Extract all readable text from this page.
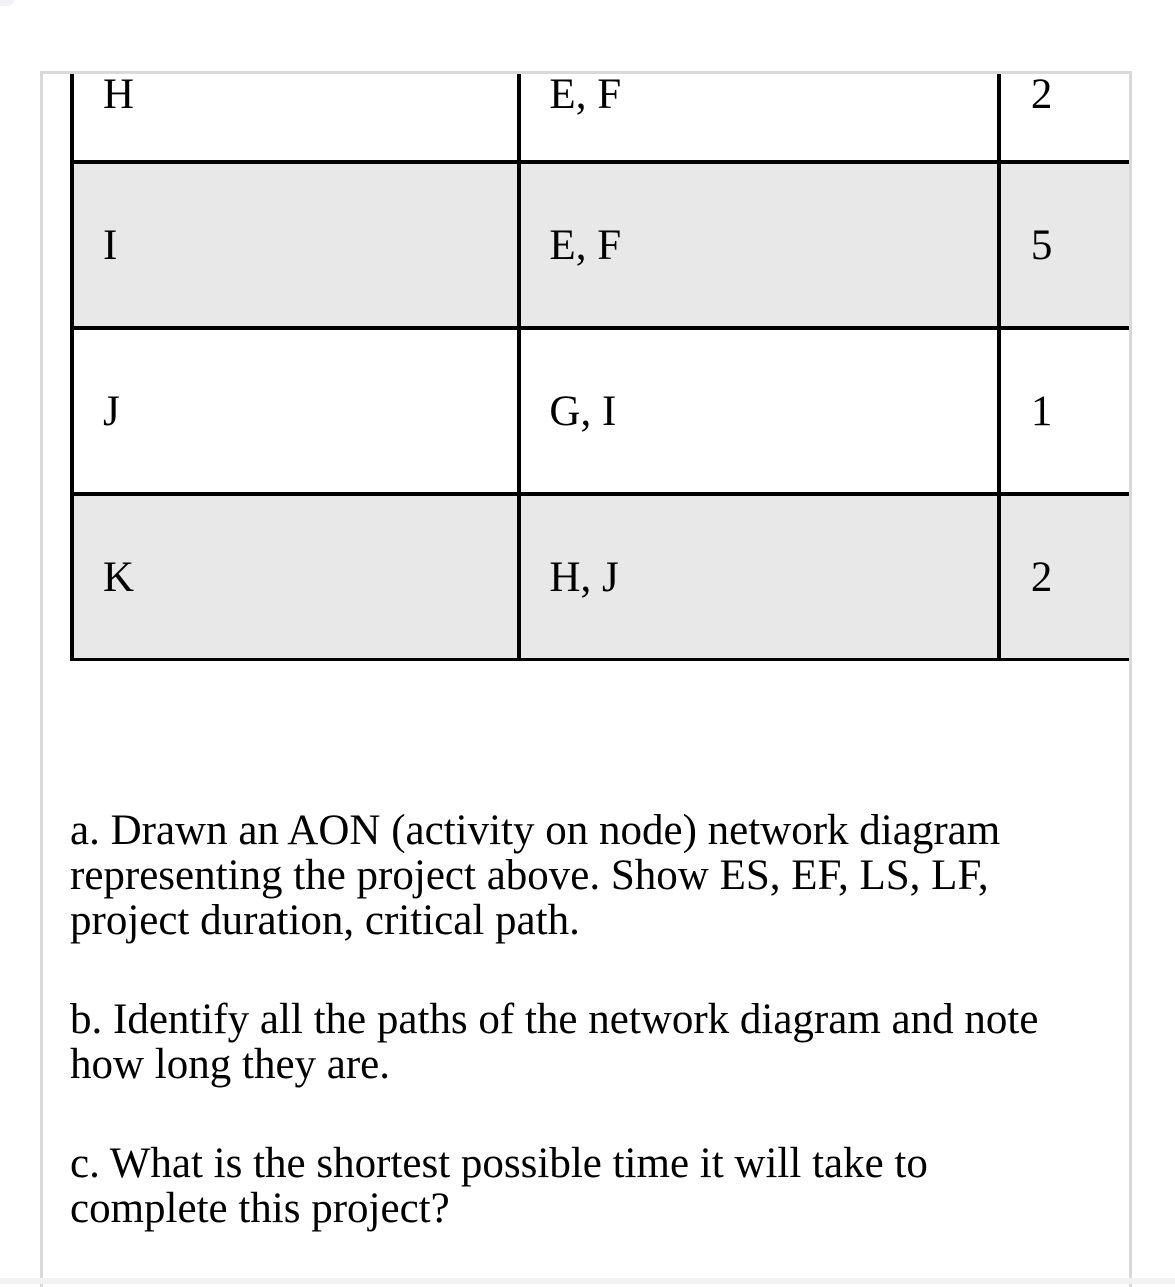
H	E, F	2

I	E, F	5

J	G, I	1

K	H, J	2

a. Drawn an AON (activity on node) network diagram representing the project above. Show ES, EF, LS, LF, project duration, critical path.

b. Identify all the paths of the network diagram and note how long they are.

c. What is the shortest possible time it will take to complete this project?
